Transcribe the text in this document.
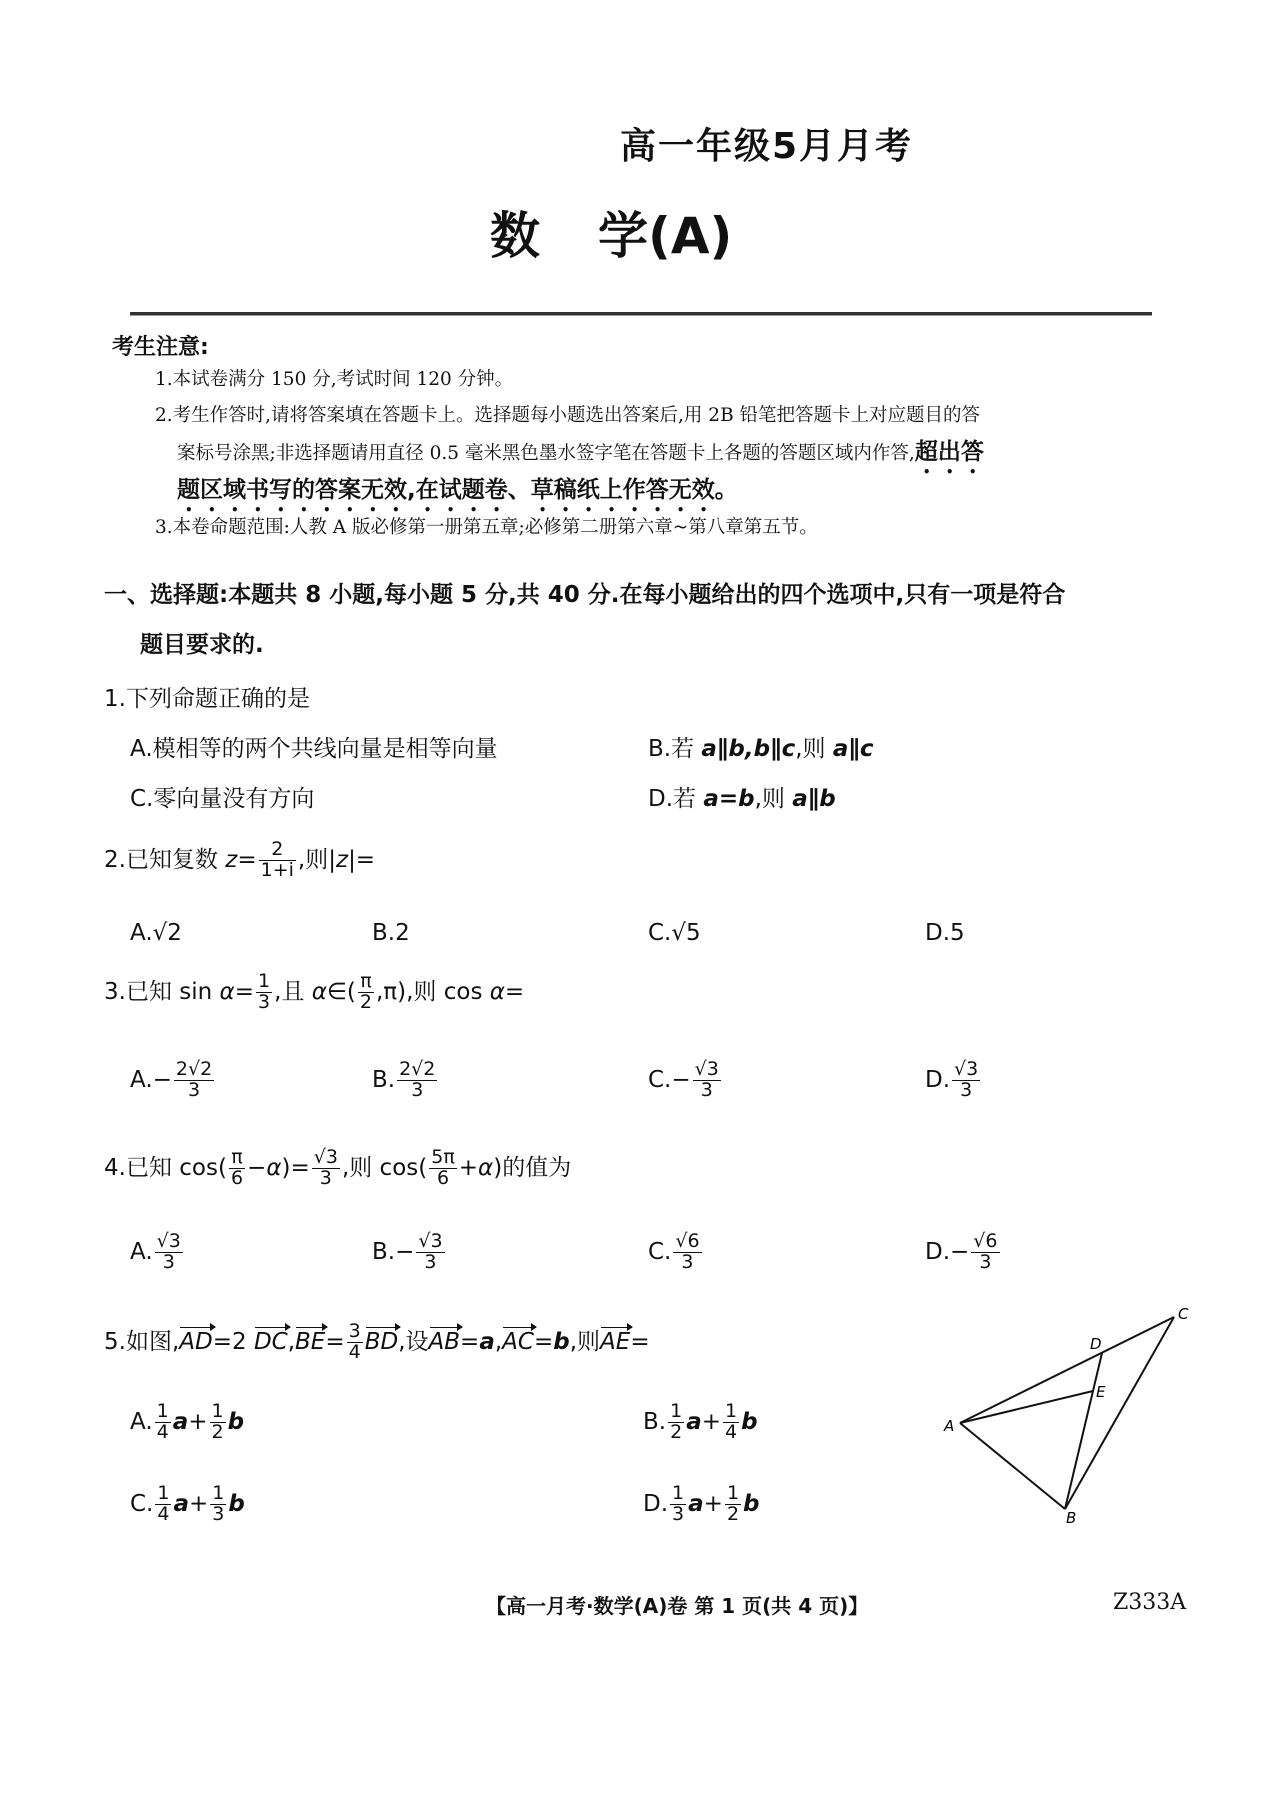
高一年级5月月考
数 学(A)
考生注意:
1.本试卷满分 150 分,考试时间 120 分钟。
2.考生作答时,请将答案填在答题卡上。选择题每小题选出答案后,用 2B 铅笔把答题卡上对应题目的答
案标号涂黑;非选择题请用直径 0.5 毫米黑色墨水签字笔在答题卡上各题的答题区域内作答,超出答
题区域书写的答案无效,在试题卷、草稿纸上作答无效。
3.本卷命题范围:人教 A 版必修第一册第五章;必修第二册第六章~第八章第五节。
一、选择题:本题共 8 小题,每小题 5 分,共 40 分.在每小题给出的四个选项中,只有一项是符合
题目要求的.
1.下列命题正确的是
A.模相等的两个共线向量是相等向量	B.若 a∥b,b∥c,则 a∥c
C.零向量没有方向	D.若 a=b,则 a∥b
2.已知复数 $z= \frac{2}{1+i}$ ,则|z|=
A.√2	B.2	C.√5	D.5
3.已知 $\sin \alpha= \frac{1}{3}$ ,且 α∈( $\frac{\pi}{2} ,\pi$),则 cos α=
$A.- \frac{2√2}{3}$	B. $\frac{2√2}{3}$	$C.- \frac{√3}{3}$	D. $\frac{√3}{3}$
4.已知 $\cos( \frac{\pi}{6} -\alpha)= \frac{√3}{3}$ ,则 $\cos( \frac{5\pi}{6} +\alpha)$的值为
A. $\frac{√3}{3}$	$B.- \frac{√3}{3}$	C. $\frac{√6}{3}$	$D.- \frac{√6}{3}$
5.如图,AD=2 $DC,BE= \frac{3}{4}$ BD,设AB=a,AC=b,则AE=
A. $\frac{1}{4} a+ \frac{1}{2}$ b	B. $\frac{1}{2} a+ \frac{1}{4}$ b
C. $\frac{1}{4} a+ \frac{1}{3}$ b	D. $\frac{1}{3} a+ \frac{1}{2}$ b
A
B
C
D
E
【高一月考·数学(A)卷 第 1 页(共 4 页)】	Z333A
